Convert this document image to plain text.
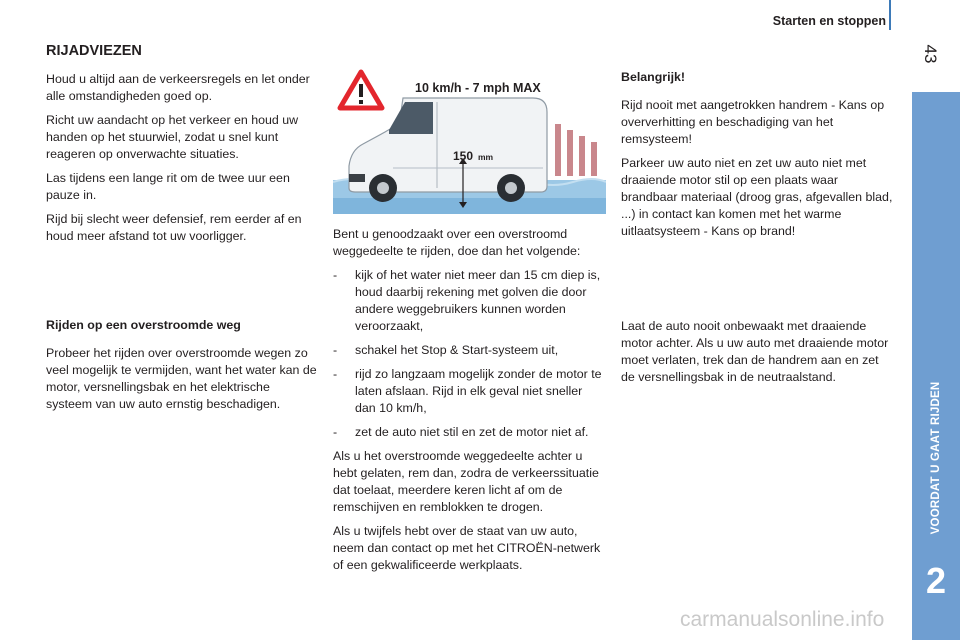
Starten en stoppen
43
RIJADVIEZEN

Houd u altijd aan de verkeersregels en let onder alle omstandigheden goed op.

Richt uw aandacht op het verkeer en houd uw handen op het stuurwiel, zodat u snel kunt reageren op onverwachte situaties.

Las tijdens een lange rit om de twee uur een pauze in.

Rijd bij slecht weer defensief, rem eerder af en houd meer afstand tot uw voorligger.

Rijden op een overstroomde weg

Probeer het rijden over overstroomde wegen zo veel mogelijk te vermijden, want het water kan de motor, versnellingsbak en het elektrische systeem van uw auto ernstig beschadigen.

10 km/h - 7 mph MAX
150 mm

Bent u genoodzaakt over een overstroomd weggedeelte te rijden, doe dan het volgende:

-	kijk of het water niet meer dan 15 cm diep is, houd daarbij rekening met golven die door andere weggebruikers kunnen worden veroorzaakt,
-	schakel het Stop & Start-systeem uit,
-	rijd zo langzaam mogelijk zonder de motor te laten afslaan. Rijd in elk geval niet sneller dan 10 km/h,
-	zet de auto niet stil en zet de motor niet af.

Als u het overstroomde weggedeelte achter u hebt gelaten, rem dan, zodra de verkeerssituatie dat toelaat, meerdere keren licht af om de remschijven en remblokken te drogen.

Als u twijfels hebt over de staat van uw auto, neem dan contact op met het CITROËN-netwerk of een gekwalificeerde werkplaats.

Belangrijk!

Rijd nooit met aangetrokken handrem - Kans op oververhitting en beschadiging van het remsysteem!

Parkeer uw auto niet en zet uw auto niet met draaiende motor stil op een plaats waar brandbaar materiaal (droog gras, afgevallen blad, ...) in contact kan komen met het warme uitlaatsysteem - Kans op brand!

Laat de auto nooit onbewaakt met draaiende motor achter. Als u uw auto met draaiende motor moet verlaten, trek dan de handrem aan en zet de versnellingsbak in de neutraalstand.

VOORDAT U GAAT RIJDEN
2
carmanualsonline.info
